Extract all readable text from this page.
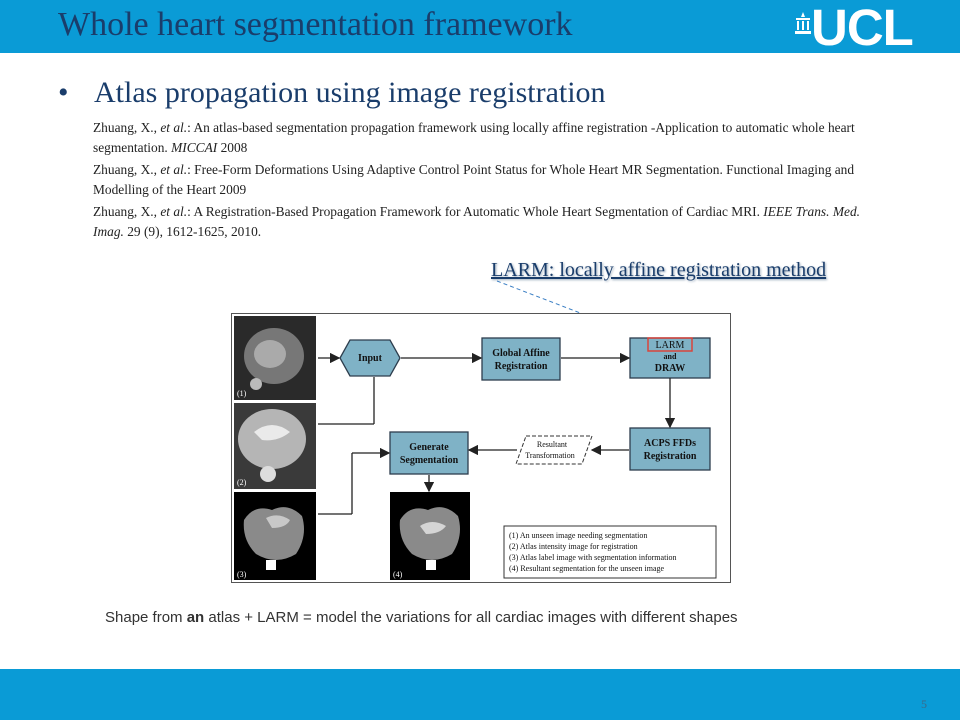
Whole heart segmentation framework	UCL
• Atlas propagation using image registration
Zhuang, X., et al.: An atlas-based segmentation propagation framework using locally affine registration -Application to automatic whole heart segmentation. MICCAI 2008
Zhuang, X., et al.: Free-Form Deformations Using Adaptive Control Point Status for Whole Heart MR Segmentation. Functional Imaging and Modelling of the Heart 2009
Zhuang, X., et al.: A Registration-Based Propagation Framework for Automatic Whole Heart Segmentation of Cardiac MRI. IEEE Trans. Med. Imag. 29 (9), 1612-1625, 2010.
LARM: locally affine registration method
(1)
(2)
(3)	(4)
Input	Global Affine
Registration
LARM
and
DRAW
Generate
Segmentation
Resultant
Transformation
ACPS FFDs
Registration
(1) An unseen image needing segmentation
(2) Atlas intensity image for registration
(3) Atlas label image with segmentation information
(4) Resultant segmentation for the unseen image
Shape from an atlas + LARM = model the variations for all cardiac images with different shapes
5
